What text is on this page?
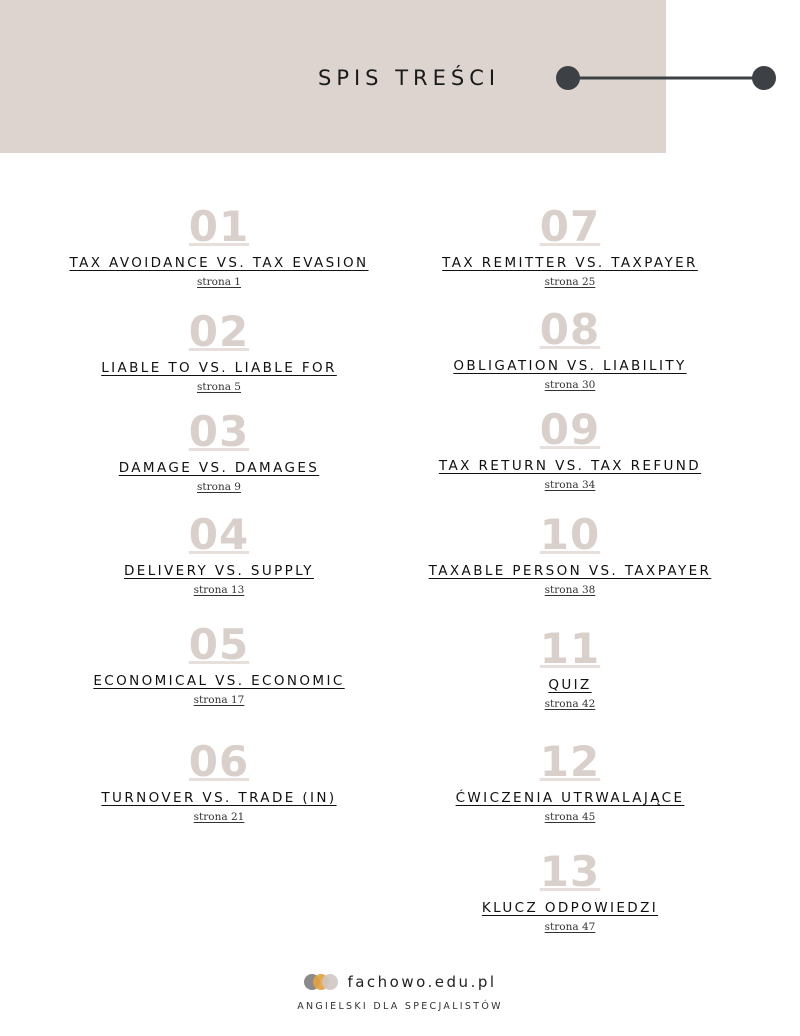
SPIS TREŚCI
01
TAX AVOIDANCE VS. TAX EVASION
strona 1
02
LIABLE TO VS. LIABLE FOR
strona 5
03
DAMAGE VS. DAMAGES
strona 9
04
DELIVERY VS. SUPPLY
strona 13
05
ECONOMICAL VS. ECONOMIC
strona 17
06
TURNOVER VS. TRADE (IN)
strona 21
07
TAX REMITTER VS. TAXPAYER
strona 25
08
OBLIGATION VS. LIABILITY
strona 30
09
TAX RETURN VS. TAX REFUND
strona 34
10
TAXABLE PERSON VS. TAXPAYER
strona 38
11
QUIZ
strona 42
12
ĆWICZENIA UTRWALAJĄCE
strona 45
13
KLUCZ ODPOWIEDZI
strona 47
fachowo.edu.pl
ANGIELSKI DLA SPECJALISTÓW
